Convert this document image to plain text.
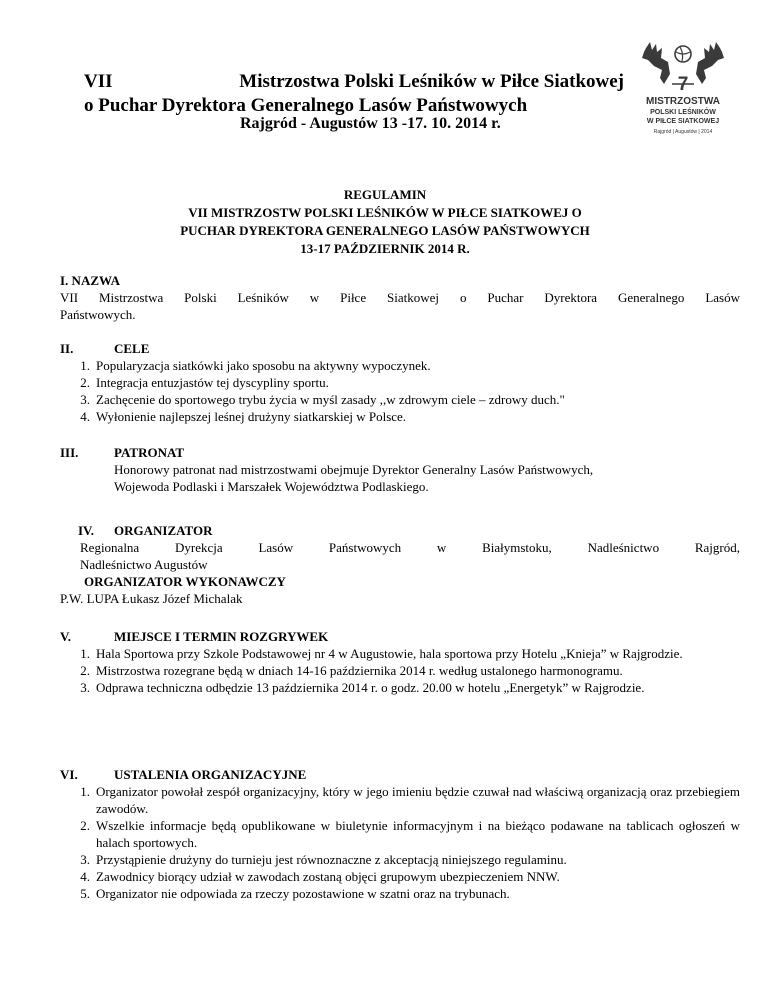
VII	Mistrzostwa Polski Leśników w Piłce Siatkowej
o Puchar Dyrektora Generalnego Lasów Państwowych
Rajgród - Augustów 13 -17. 10. 2014 r.
7
MISTRZOSTWA
POLSKI LEŚNIKÓW
W PIŁCE SIATKOWEJ
Rajgród | Augustów | 2014
REGULAMIN
VII MISTRZOSTW POLSKI LEŚNIKÓW W PIŁCE SIATKOWEJ O
PUCHAR DYREKTORA GENERALNEGO LASÓW PAŃSTWOWYCH
13-17 PAŹDZIERNIK 2014 R.
I. NAZWA
VII Mistrzostwa Polski Leśników w Piłce Siatkowej o Puchar Dyrektora Generalnego Lasów
Państwowych.
II.	CELE
1. Popularyzacja siatkówki jako sposobu na aktywny wypoczynek.
2. Integracja entuzjastów tej dyscypliny sportu.
3. Zachęcenie do sportowego trybu życia w myśl zasady ,,w zdrowym ciele – zdrowy duch."
4. Wyłonienie najlepszej leśnej drużyny siatkarskiej w Polsce.
III.	PATRONAT
Honorowy patronat nad mistrzostwami obejmuje Dyrektor Generalny Lasów Państwowych,
Wojewoda Podlaski i Marszałek Województwa Podlaskiego.
IV.	ORGANIZATOR
Regionalna Dyrekcja Lasów Państwowych w Białymstoku, Nadleśnictwo Rajgród,
Nadleśnictwo Augustów
ORGANIZATOR WYKONAWCZY
P.W. LUPA Łukasz Józef Michalak
V.	MIEJSCE I TERMIN ROZGRYWEK
1. Hala Sportowa przy Szkole Podstawowej nr 4 w Augustowie, hala sportowa przy Hotelu „Knieja” w Rajgrodzie.
2. Mistrzostwa rozegrane będą w dniach 14-16 października 2014 r. według ustalonego harmonogramu.
3. Odprawa techniczna odbędzie 13 października 2014 r. o godz. 20.00 w hotelu „Energetyk” w Rajgrodzie.
VI.	USTALENIA ORGANIZACYJNE
1. Organizator powołał zespół organizacyjny, który w jego imieniu będzie czuwał nad właściwą organizacją oraz przebiegiem zawodów.
2. Wszelkie informacje będą opublikowane w biuletynie informacyjnym i na bieżąco podawane na tablicach ogłoszeń w halach sportowych.
3. Przystąpienie drużyny do turnieju jest równoznaczne z akceptacją niniejszego regulaminu.
4. Zawodnicy biorący udział w zawodach zostaną objęci grupowym ubezpieczeniem NNW.
5. Organizator nie odpowiada za rzeczy pozostawione w szatni oraz na trybunach.
